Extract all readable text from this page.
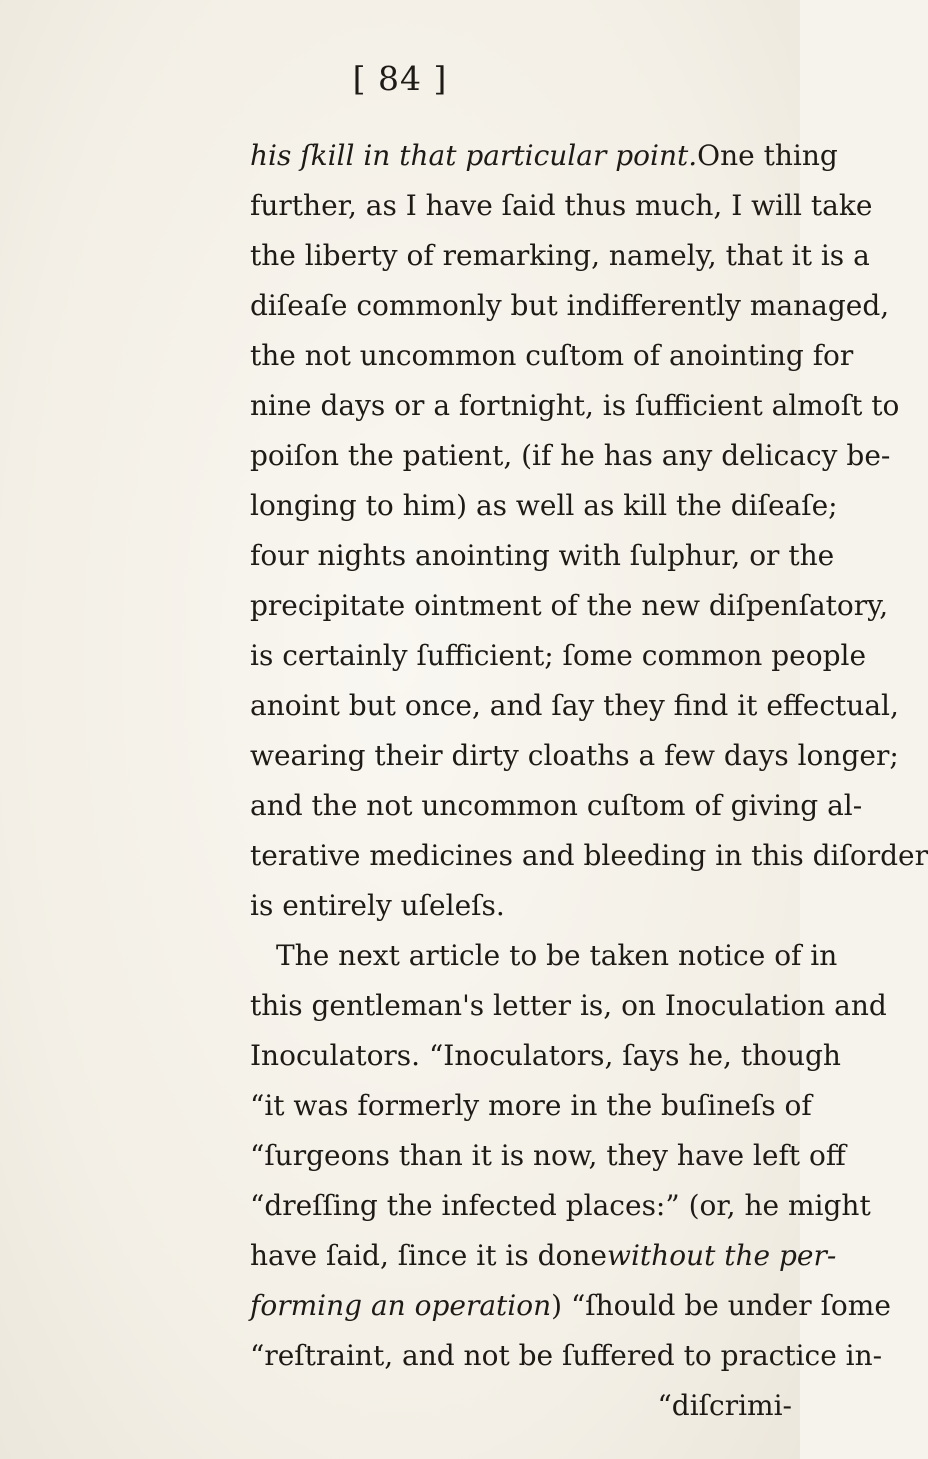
[ 84 ]
his ſkill in that particular point.One thing
further, as I have ſaid thus much, I will take
the liberty of remarking, namely, that it is a
diſeaſe commonly but indifferently managed,
the not uncommon cuſtom of anointing for
nine days or a fortnight, is ſufficient almoſt to
poiſon the patient, (if he has any delicacy be-
longing to him) as well as kill the diſeaſe;
four nights anointing with ſulphur, or the
precipitate ointment of the new diſpenſatory,
is certainly ſufficient; ſome common people
anoint but once, and ſay they find it effectual,
wearing their dirty cloaths a few days longer;
and the not uncommon cuſtom of giving al-
terative medicines and bleeding in this diſorder
is entirely uſeleſs.
The next article to be taken notice of in
this gentleman's letter is, on Inoculation and
Inoculators. “Inoculators, ſays he, though
“it was formerly more in the buſineſs of
“ſurgeons than it is now, they have left off
“dreſſing the infected places:” (or, he might
have ſaid, ſince it is donewithout the per-
forming an operation) “ſhould be under ſome
“reſtraint, and not be ſuffered to practice in-
“diſcrimi-
